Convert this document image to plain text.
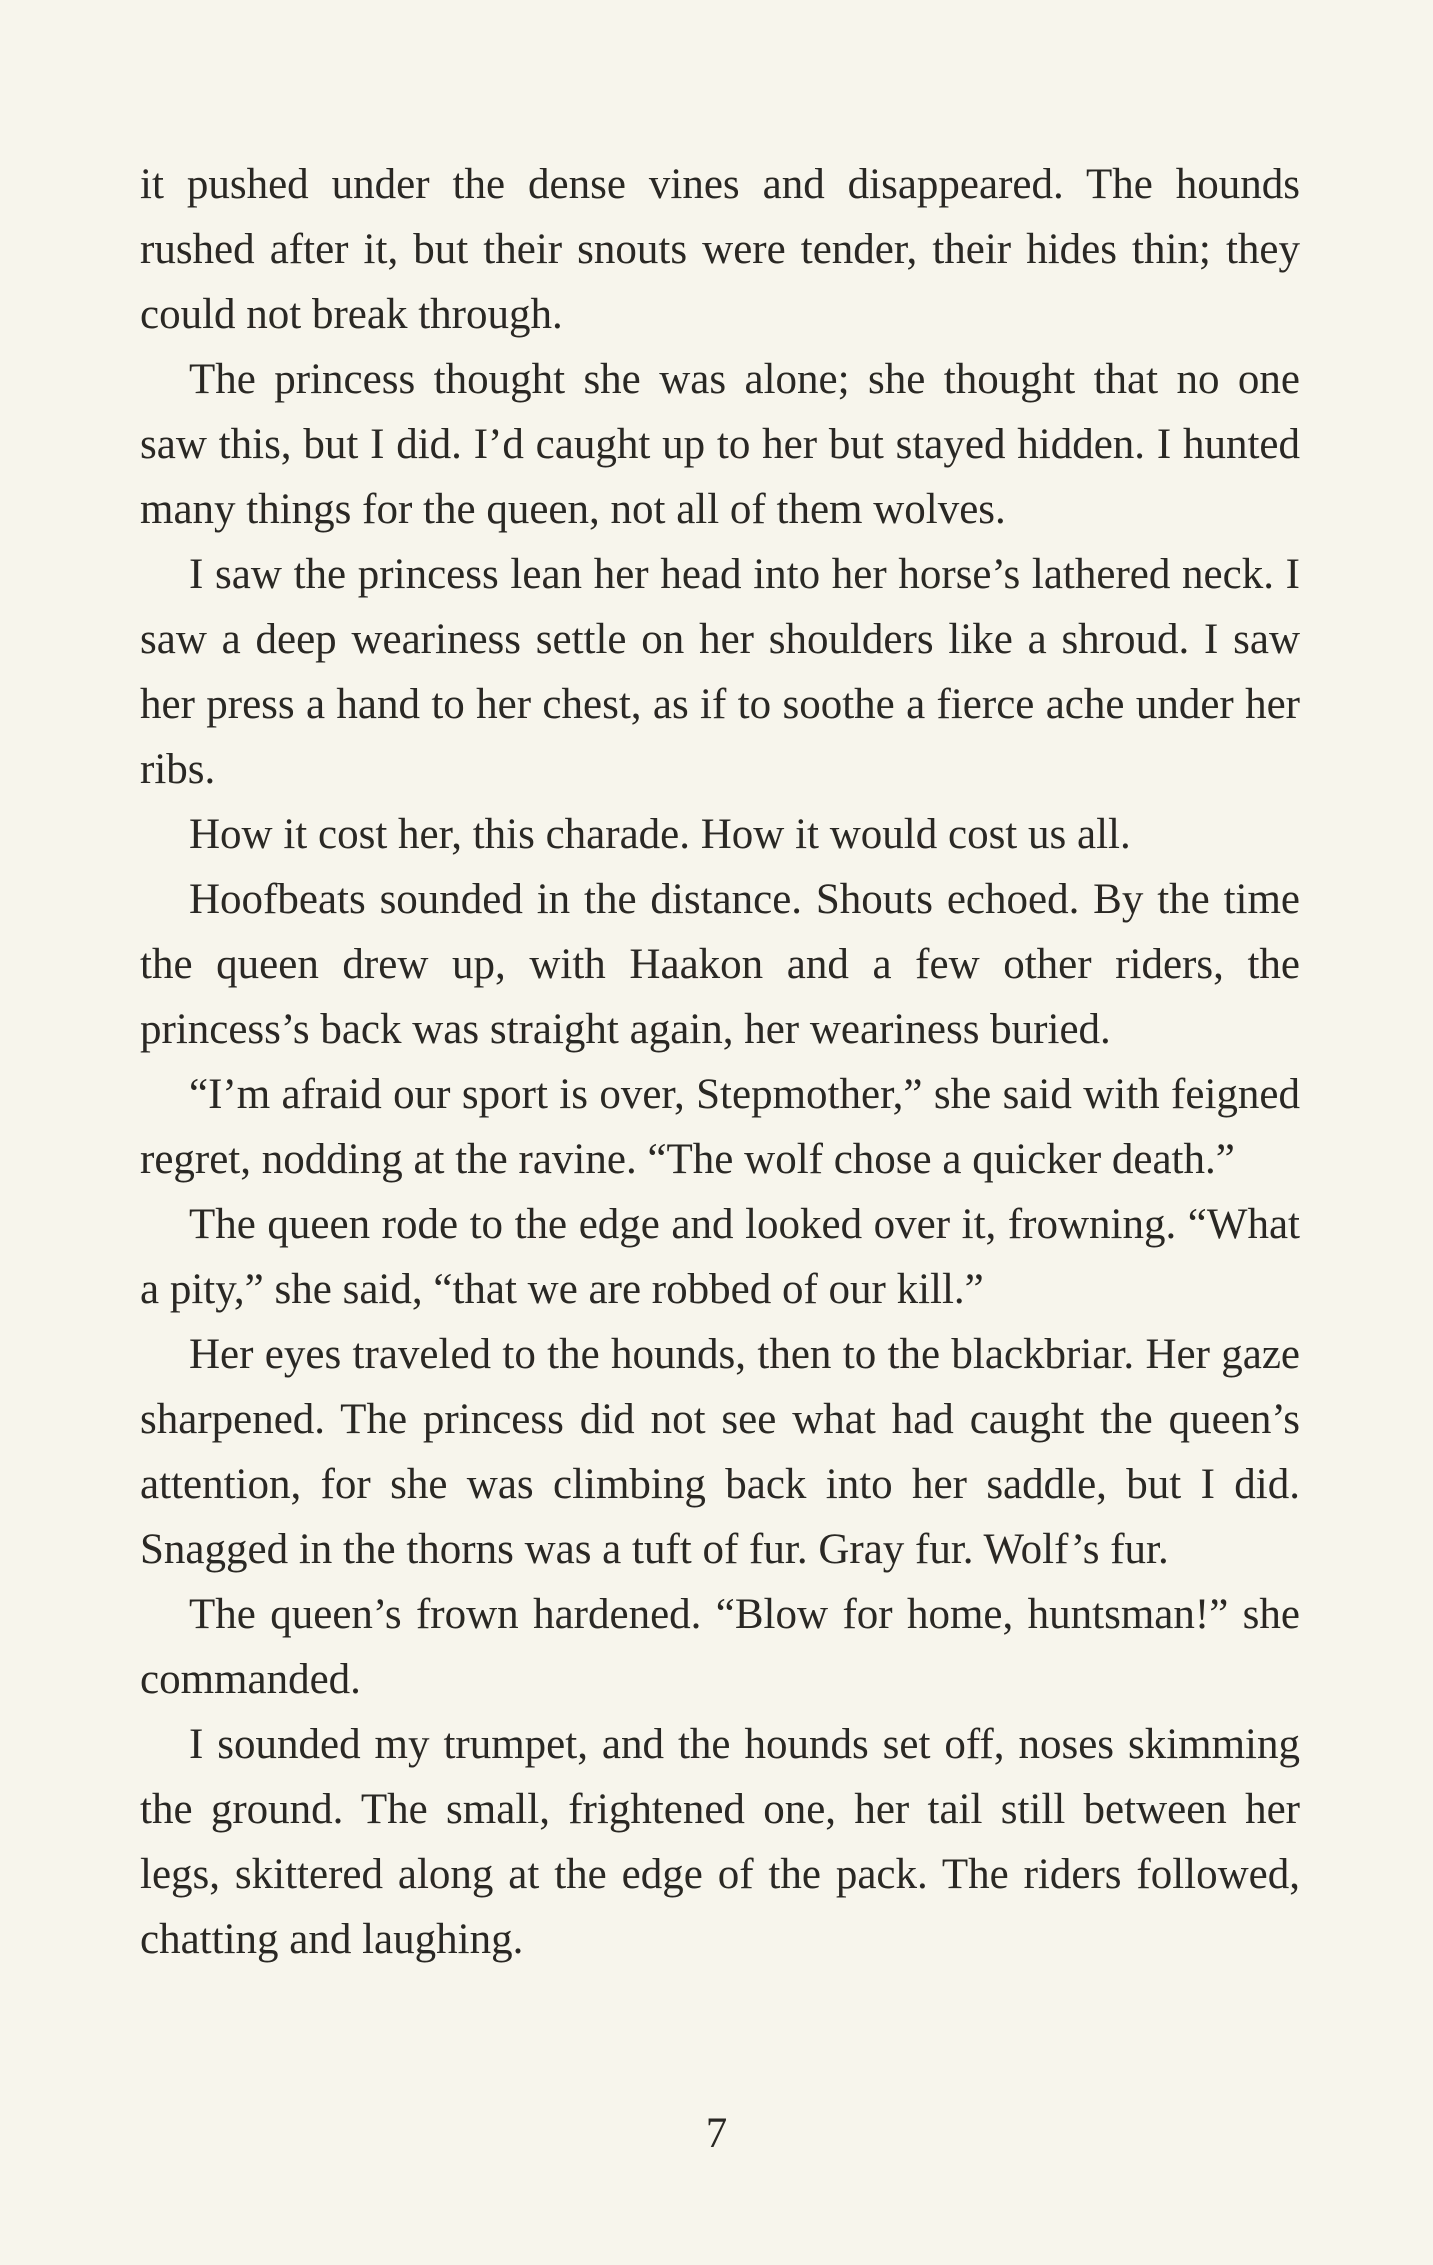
it pushed under the dense vines and disappeared. The hounds rushed after it, but their snouts were tender, their hides thin; they could not break through.

The princess thought she was alone; she thought that no one saw this, but I did. I’d caught up to her but stayed hidden. I hunted many things for the queen, not all of them wolves.

I saw the princess lean her head into her horse’s lathered neck. I saw a deep weariness settle on her shoulders like a shroud. I saw her press a hand to her chest, as if to soothe a fierce ache under her ribs.

How it cost her, this charade. How it would cost us all.

Hoofbeats sounded in the distance. Shouts echoed. By the time the queen drew up, with Haakon and a few other riders, the princess’s back was straight again, her weariness buried.

“I’m afraid our sport is over, Stepmother,” she said with feigned regret, nodding at the ravine. “The wolf chose a quicker death.”

The queen rode to the edge and looked over it, frowning. “What a pity,” she said, “that we are robbed of our kill.”

Her eyes traveled to the hounds, then to the blackbriar. Her gaze sharpened. The princess did not see what had caught the queen’s attention, for she was climbing back into her saddle, but I did. Snagged in the thorns was a tuft of fur. Gray fur. Wolf’s fur.

The queen’s frown hardened. “Blow for home, huntsman!” she commanded.

I sounded my trumpet, and the hounds set off, noses skimming the ground. The small, frightened one, her tail still between her legs, skittered along at the edge of the pack. The riders followed, chatting and laughing.

7
